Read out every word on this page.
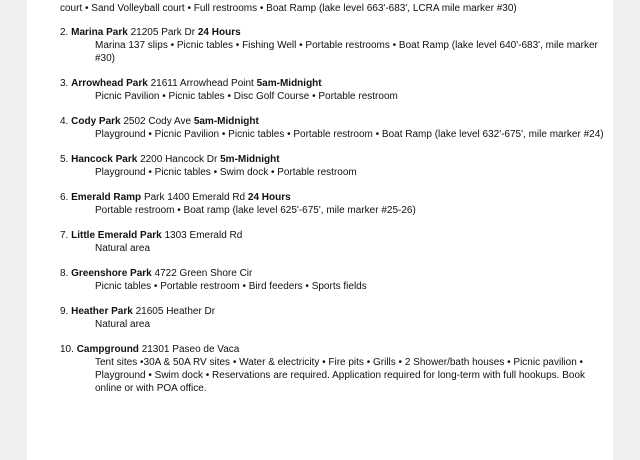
court • Sand Volleyball court • Full restrooms • Boat Ramp (lake level 663'-683', LCRA mile marker #30)
2. Marina Park 21205 Park Dr 24 Hours
Marina 137 slips • Picnic tables • Fishing Well • Portable restrooms • Boat Ramp (lake level 640'-683', mile marker #30)
3. Arrowhead Park 21611 Arrowhead Point 5am-Midnight
Picnic Pavilion • Picnic tables • Disc Golf Course • Portable restroom
4. Cody Park 2502 Cody Ave 5am-Midnight
Playground • Picnic Pavilion • Picnic tables • Portable restroom • Boat Ramp (lake level 632'-675', mile marker #24)
5. Hancock Park 2200 Hancock Dr 5m-Midnight
Playground • Picnic tables • Swim dock • Portable restroom
6. Emerald Ramp Park 1400 Emerald Rd 24 Hours
Portable restroom • Boat ramp (lake level 625'-675', mile marker #25-26)
7. Little Emerald Park 1303 Emerald Rd
Natural area
8. Greenshore Park 4722 Green Shore Cir
Picnic tables • Portable restroom • Bird feeders • Sports fields
9. Heather Park 21605 Heather Dr
Natural area
10. Campground 21301 Paseo de Vaca
Tent sites •30A & 50A RV sites • Water & electricity • Fire pits • Grills • 2 Shower/bath houses • Picnic pavilion • Playground • Swim dock • Reservations are required. Application required for long-term with full hookups. Book online or with POA office.
